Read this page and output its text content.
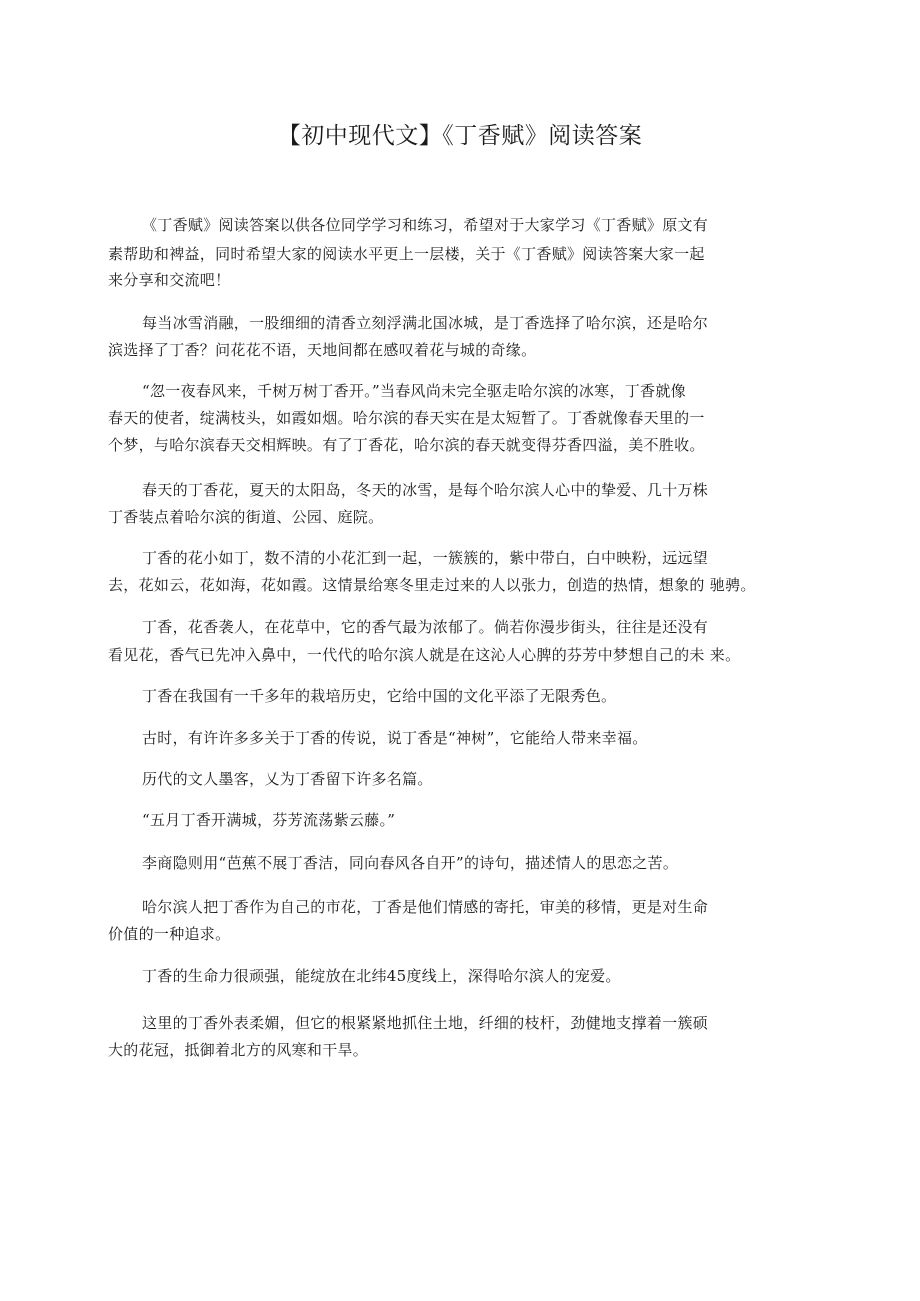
【初中现代文】《丁香赋》阅读答案
《丁香赋》阅读答案以供各位同学学习和练习，希望对于大家学习《丁香赋》原文有
素帮助和裨益，同时希望大家的阅读水平更上一层楼，关于《丁香赋》阅读答案大家一起
来分享和交流吧！
每当冰雪消融，一股细细的清香立刻浮满北国冰城，是丁香选择了哈尔滨，还是哈尔
滨选择了丁香？问花花不语，天地间都在感叹着花与城的奇缘。
“忽一夜春风来，千树万树丁香开。”当春风尚未完全驱走哈尔滨的冰寒，丁香就像
春天的使者，绽满枝头，如霞如烟。哈尔滨的春天实在是太短暂了。丁香就像春天里的一
个梦，与哈尔滨春天交相辉映。有了丁香花，哈尔滨的春天就变得芬香四溢，美不胜收。
春天的丁香花，夏天的太阳岛，冬天的冰雪，是每个哈尔滨人心中的挚爱、几十万株
丁香装点着哈尔滨的街道、公园、庭院。
丁香的花小如丁，数不清的小花汇到一起，一簇簇的，紫中带白，白中映粉，远远望
去，花如云，花如海，花如霞。这情景给寒冬里走过来的人以张力，创造的热情，想象的 驰骋。
丁香，花香袭人，在花草中，它的香气最为浓郁了。倘若你漫步街头，往往是还没有
看见花，香气已先冲入鼻中，一代代的哈尔滨人就是在这沁人心脾的芬芳中梦想自己的未 来。
丁香在我国有一千多年的栽培历史，它给中国的文化平添了无限秀色。
古时，有许许多多关于丁香的传说，说丁香是“神树”，它能给人带来幸福。
历代的文人墨客，乂为丁香留下许多名篇。
“五月丁香开满城，芬芳流荡紫云藤。”
李商隐则用“芭蕉不展丁香洁，同向春风各自开”的诗句，描述情人的思恋之苦。
哈尔滨人把丁香作为自己的市花，丁香是他们情感的寄托，审美的移情，更是对生命
价值的一种追求。
丁香的生命力很顽强，能绽放在北纬45度线上，深得哈尔滨人的宠爱。
这里的丁香外表柔媚，但它的根紧紧地抓住土地，纤细的枝杆，劲健地支撑着一簇硕
大的花冠，抵御着北方的风寒和干旱。
